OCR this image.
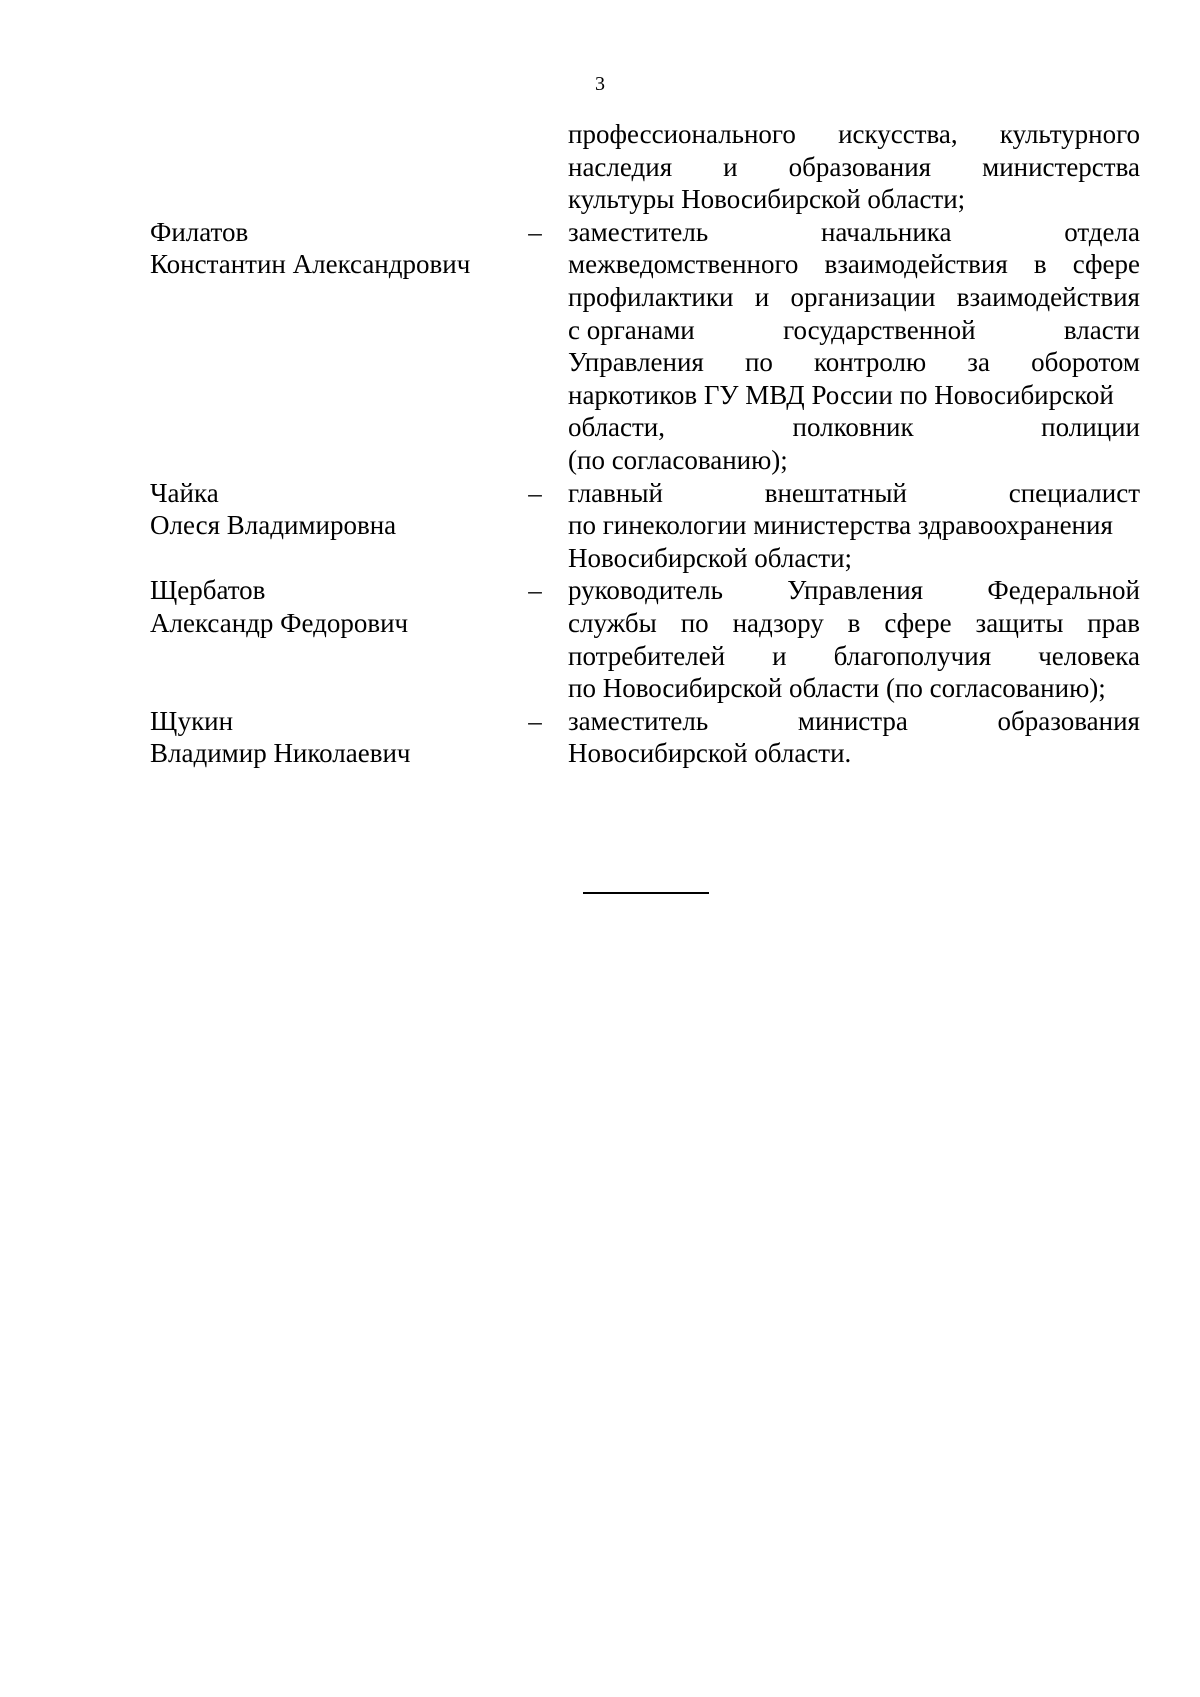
3
профессионального искусства, культурного
наследия и образования министерства
культуры Новосибирской области;
Филатов
Константин Александрович
– заместитель	начальника	отдела
межведомственного взаимодействия в сфере
профилактики и организации взаимодействия
с органами	государственной	власти
Управления по контролю за оборотом
наркотиков ГУ МВД России по Новосибирской
области,	полковник	полиции
(по согласованию);
Чайка
Олеся Владимировна
– главный	внештатный	специалист
по гинекологии министерства здравоохранения
Новосибирской области;
Щербатов
Александр Федорович
– руководитель Управления Федеральной
службы по надзору в сфере защиты прав
потребителей и благополучия человека
по Новосибирской области (по согласованию);
Щукин
Владимир Николаевич
– заместитель	министра	образования
Новосибирской области.
